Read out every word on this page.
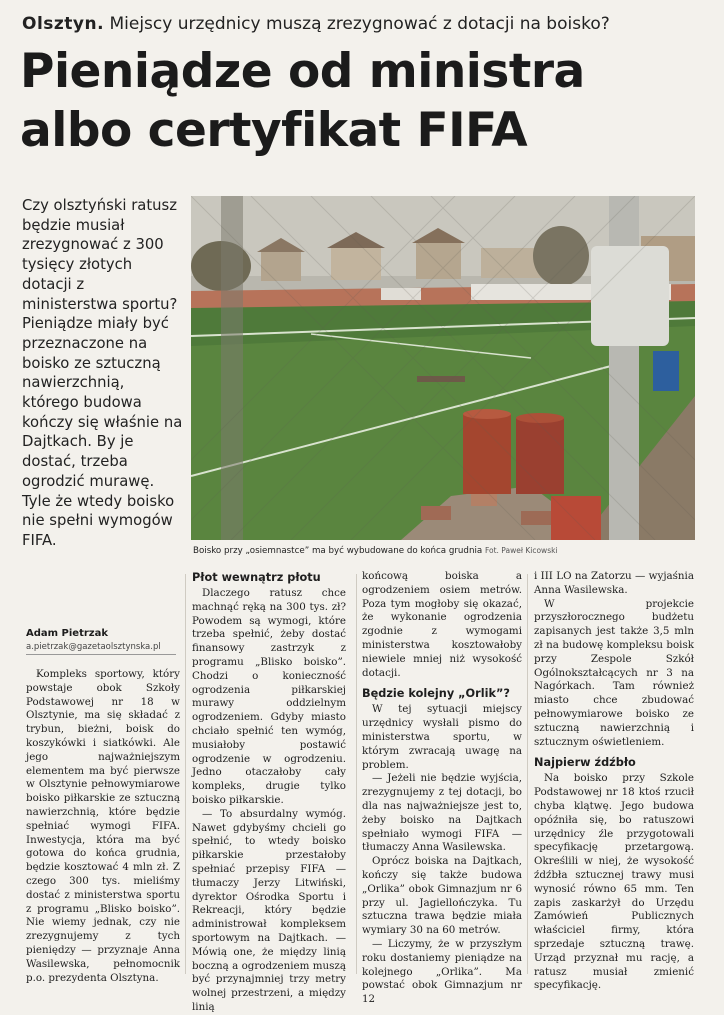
Olsztyn. Miejscy urzędnicy muszą zrezygnować z dotacji na boisko?
Pieniądze od ministra
albo certyfikat FIFA
Czy olsztyński ratusz będzie musiał zrezygnować z 300 tysięcy złotych dotacji z ministerstwa sportu? Pieniądze miały być przeznaczone na boisko ze sztuczną nawierzchnią, którego budowa kończy się właśnie na Dajtkach. By je dostać, trzeba ogrodzić murawę. Tyle że wtedy boisko nie spełni wymogów FIFA.
Boisko przy „osiemnastce” ma być wybudowane do końca grudnia Fot. Paweł Kicowski
Adam Pietrzak
a.pietrzak@gazetaolsztynska.pl

Kompleks sportowy, który powstaje obok Szkoły Podstawowej nr 18 w Olsztynie, ma się składać z trybun, bieżni, boisk do koszykówki i siatkówki. Ale jego najważniejszym elementem ma być pierwsze w Olsztynie pełnowymiarowe boisko piłkarskie ze sztuczną nawierzchnią, które będzie spełniać wymogi FIFA. Inwestycja, która ma być gotowa do końca grudnia, będzie kosztować 4 mln zł. Z czego 300 tys. mieliśmy dostać z ministerstwa sportu z programu „Blisko boisko”. Nie wiemy jednak, czy nie zrezygnujemy z tych pieniędzy — przyznaje Anna Wasilewska, pełnomocnik p.o. prezydenta Olsztyna.

Płot wewnątrz płotu

Dlaczego ratusz chce machnąć ręką na 300 tys. zł? Powodem są wymogi, które trzeba spełnić, żeby dostać finansowy zastrzyk z programu „Blisko boisko”. Chodzi o konieczność ogrodzenia piłkarskiej murawy oddzielnym ogrodzeniem. Gdyby miasto chciało spełnić ten wymóg, musiałoby postawić ogrodzenie w ogrodzeniu. Jedno otaczałoby cały kompleks, drugie tylko boisko piłkarskie.

— To absurdalny wymóg. Nawet gdybyśmy chcieli go spełnić, to wtedy boisko piłkarskie przestałoby spełniać przepisy FIFA — tłumaczy Jerzy Litwiński, dyrektor Ośrodka Sportu i Rekreacji, który będzie administrował kompleksem sportowym na Dajtkach. — Mówią one, że między linią boczną a ogrodzeniem muszą być przynajmniej trzy metry wolnej przestrzeni, a między linią

końcową boiska a ogrodzeniem osiem metrów. Poza tym mogłoby się okazać, że wykonanie ogrodzenia zgodnie z wymogami ministerstwa kosztowałoby niewiele mniej niż wysokość dotacji.

Będzie kolejny „Orlik”?

W tej sytuacji miejscy urzędnicy wysłali pismo do ministerstwa sportu, w którym zwracają uwagę na problem.

— Jeżeli nie będzie wyjścia, zrezygnujemy z tej dotacji, bo dla nas najważniejsze jest to, żeby boisko na Dajtkach spełniało wymogi FIFA — tłumaczy Anna Wasilewska.

Oprócz boiska na Dajtkach, kończy się także budowa „Orlika” obok Gimnazjum nr 6 przy ul. Jagiellończyka. Tu sztuczna trawa będzie miała wymiary 30 na 60 metrów.

— Liczymy, że w przyszłym roku dostaniemy pieniądze na kolejnego „Orlika”. Ma powstać obok Gimnazjum nr 12

i III LO na Zatorzu — wyjaśnia Anna Wasilewska.

W projekcie przyszłorocznego budżetu zapisanych jest także 3,5 mln zł na budowę kompleksu boisk przy Zespole Szkół Ogólnokształcących nr 3 na Nagórkach. Tam również miasto chce zbudować pełnowymiarowe boisko ze sztuczną nawierzchnią i sztucznym oświetleniem.

Najpierw źdźbło

Na boisko przy Szkole Podstawowej nr 18 ktoś rzucił chyba klątwę. Jego budowa opóźniła się, bo ratuszowi urzędnicy źle przygotowali specyfikację przetargową. Określili w niej, że wysokość źdźbła sztucznej trawy musi wynosić równo 65 mm. Ten zapis zaskarżył do Urzędu Zamówień Publicznych właściciel firmy, która sprzedaje sztuczną trawę. Urząd przyznał mu rację, a ratusz musiał zmienić specyfikację.
